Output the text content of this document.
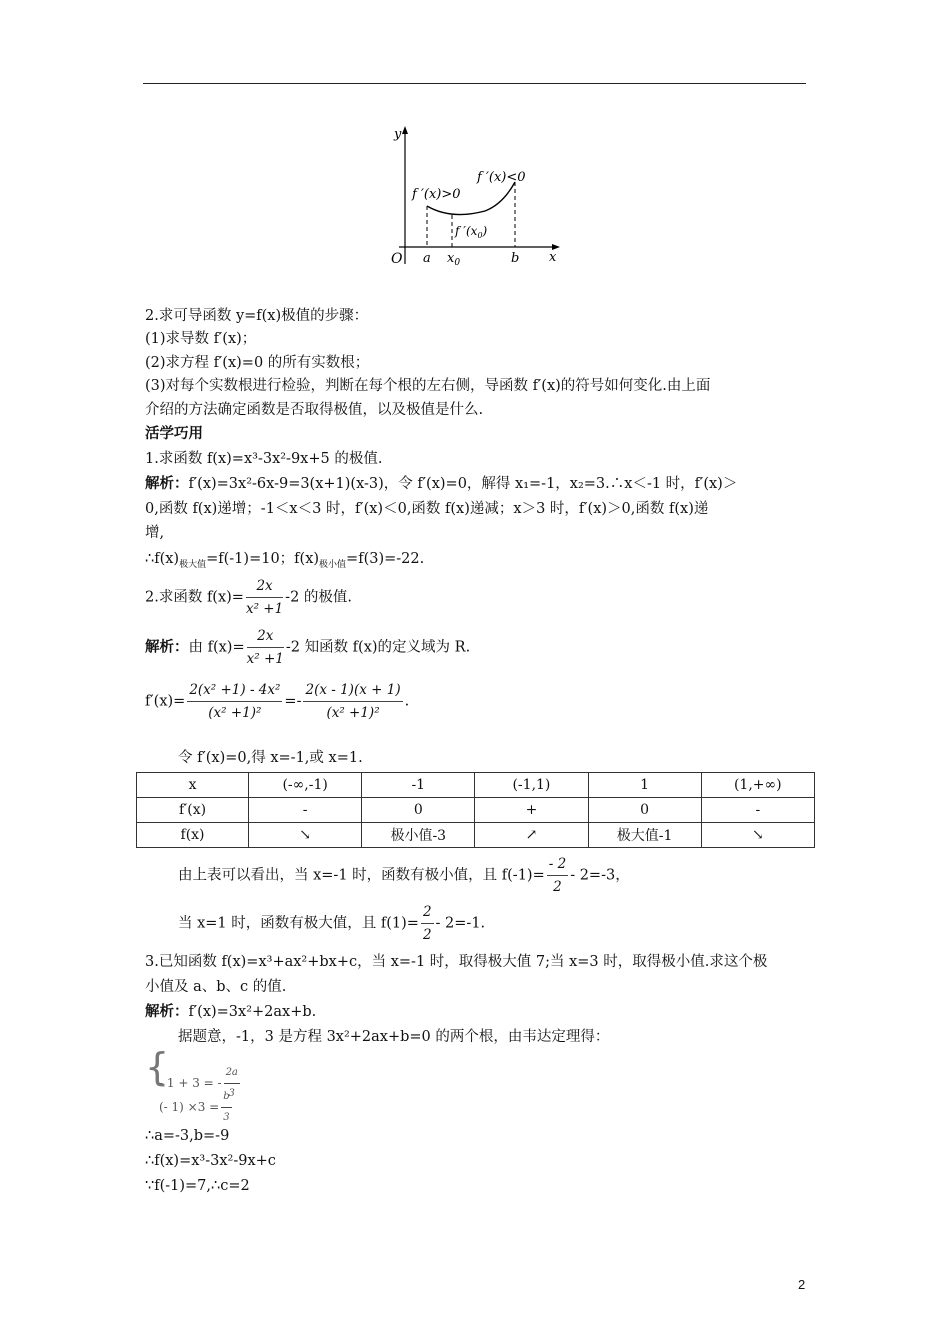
y
O a $x_0$	b x
f ′(x)>0
f ′(x)<0
f $'(x_0)$
2.求可导函数 y=f(x)极值的步骤：
(1)求导数 f′(x)；
(2)求方程 f′(x)=0 的所有实数根；
(3)对每个实数根进行检验，判断在每个根的左右侧，导函数 f′(x)的符号如何变化.由上面
介绍的方法确定函数是否取得极值，以及极值是什么.
活学巧用
1.求函数 f(x)=x³-3x²-9x+5 的极值.
解析：f′(x)=3x²-6x-9=3(x+1)(x-3)，令 f′(x)=0，解得 x₁=-1，x₂=3.∴x＜-1 时，f′(x)＞
0,函数 f(x)递增；-1＜x＜3 时，f′(x)＜0,函数 f(x)递减；x＞3 时，f′(x)＞0,函数 f(x)递
增,
$\therefore f(x)_{极大值}=f(-1)=10$；$f(x)_{极小值}=f(3)=-22$.
2.求函数 $f(x)= \frac{2x}{\text{x² +1}} -2$ 的极值.
解析：由 $f(x)= \frac{2x}{\text{x² +1}} -2$ 知函数 f(x)的定义域为 R.
$f'(x)= \frac{\text{2(x² +1) - 4x²}}{\text{(x² +1)²}} =- \frac{2(x - 1)(x + 1)}{\text{(x² +1)²}}$ .
令 f′(x)=0,得 x=-1,或 x=1.
x	(-∞,-1)	-1	(-1,1)	1	(1,+∞)
f′(x)	-	0	+	0	-
f(x)	↘	极小值-3	↗	极大值-1	↘
由上表可以看出，当 x=-1 时，函数有极小值，且 $f(-1)= \frac{- 2}{2} - 2=-3$，
当 x=1 时，函数有极大值，且 $f(1)= \frac{2}{2} - 2=-1$.
3.已知函数 f(x)=x³+ax²+bx+c，当 x=-1 时，取得极大值 7;当 x=3 时，取得极小值.求这个极
小值及 a、b、c 的值.
解析：f′(x)=3x²+2ax+b.
据题意，-1，3 是方程 3x²+2ax+b=0 的两个根，由韦达定理得：
{
- 1 + 3 = - $\frac{2a}{3}$
(- $1) \times 3 = \frac{b}{3}$
∴a=-3,b=-9
∴f(x)=x³-3x²-9x+c
∵f(-1)=7,∴c=2
2
